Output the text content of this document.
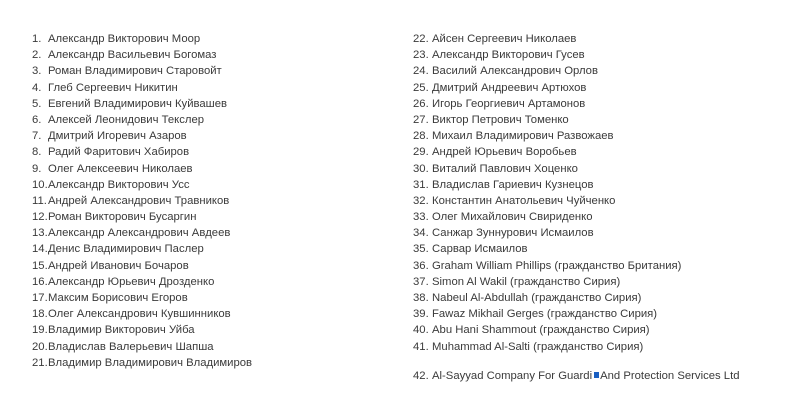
1. Александр Викторович Моор
2. Александр Васильевич Богомаз
3. Роман Владимирович Старовойт
4. Глеб Сергеевич Никитин
5. Евгений Владимирович Куйвашев
6. Алексей Леонидович Текслер
7. Дмитрий Игоревич Азаров
8. Радий Фаритович Хабиров
9. Олег Алексеевич Николаев
10. Александр Викторович Усс
11. Андрей Александрович Травников
12. Роман Викторович Бусаргин
13. Александр Александрович Авдеев
14. Денис Владимирович Паслер
15. Андрей Иванович Бочаров
16. Александр Юрьевич Дрозденко
17. Максим Борисович Егоров
18. Олег Александрович Кувшинников
19. Владимир Викторович Уйба
20. Владислав Валерьевич Шапша
21. Владимир Владимирович Владимиров
22. Айсен Сергеевич Николаев
23. Александр Викторович Гусев
24. Василий Александрович Орлов
25. Дмитрий Андреевич Артюхов
26. Игорь Георгиевич Артамонов
27. Виктор Петрович Томенко
28. Михаил Владимирович Развожаев
29. Андрей Юрьевич Воробьев
30. Виталий Павлович Хоценко
31. Владислав Гариевич Кузнецов
32. Константин Анатольевич Чуйченко
33. Олег Михайлович Свириденко
34. Санжар Зуннурович Исмаилов
35. Сарвар Исмаилов
36. Graham William Phillips (гражданство Британия)
37. Simon Al Wakil (гражданство Сирия)
38. Nabeul Al-Abdullah (гражданство Сирия)
39. Fawaz Mikhail Gerges (гражданство Сирия)
40. Abu Hani Shammout (гражданство Сирия)
41. Muhammad Al-Salti (гражданство Сирия)
42. Al-Sayyad Company For Guardi And Protection Services Ltd
